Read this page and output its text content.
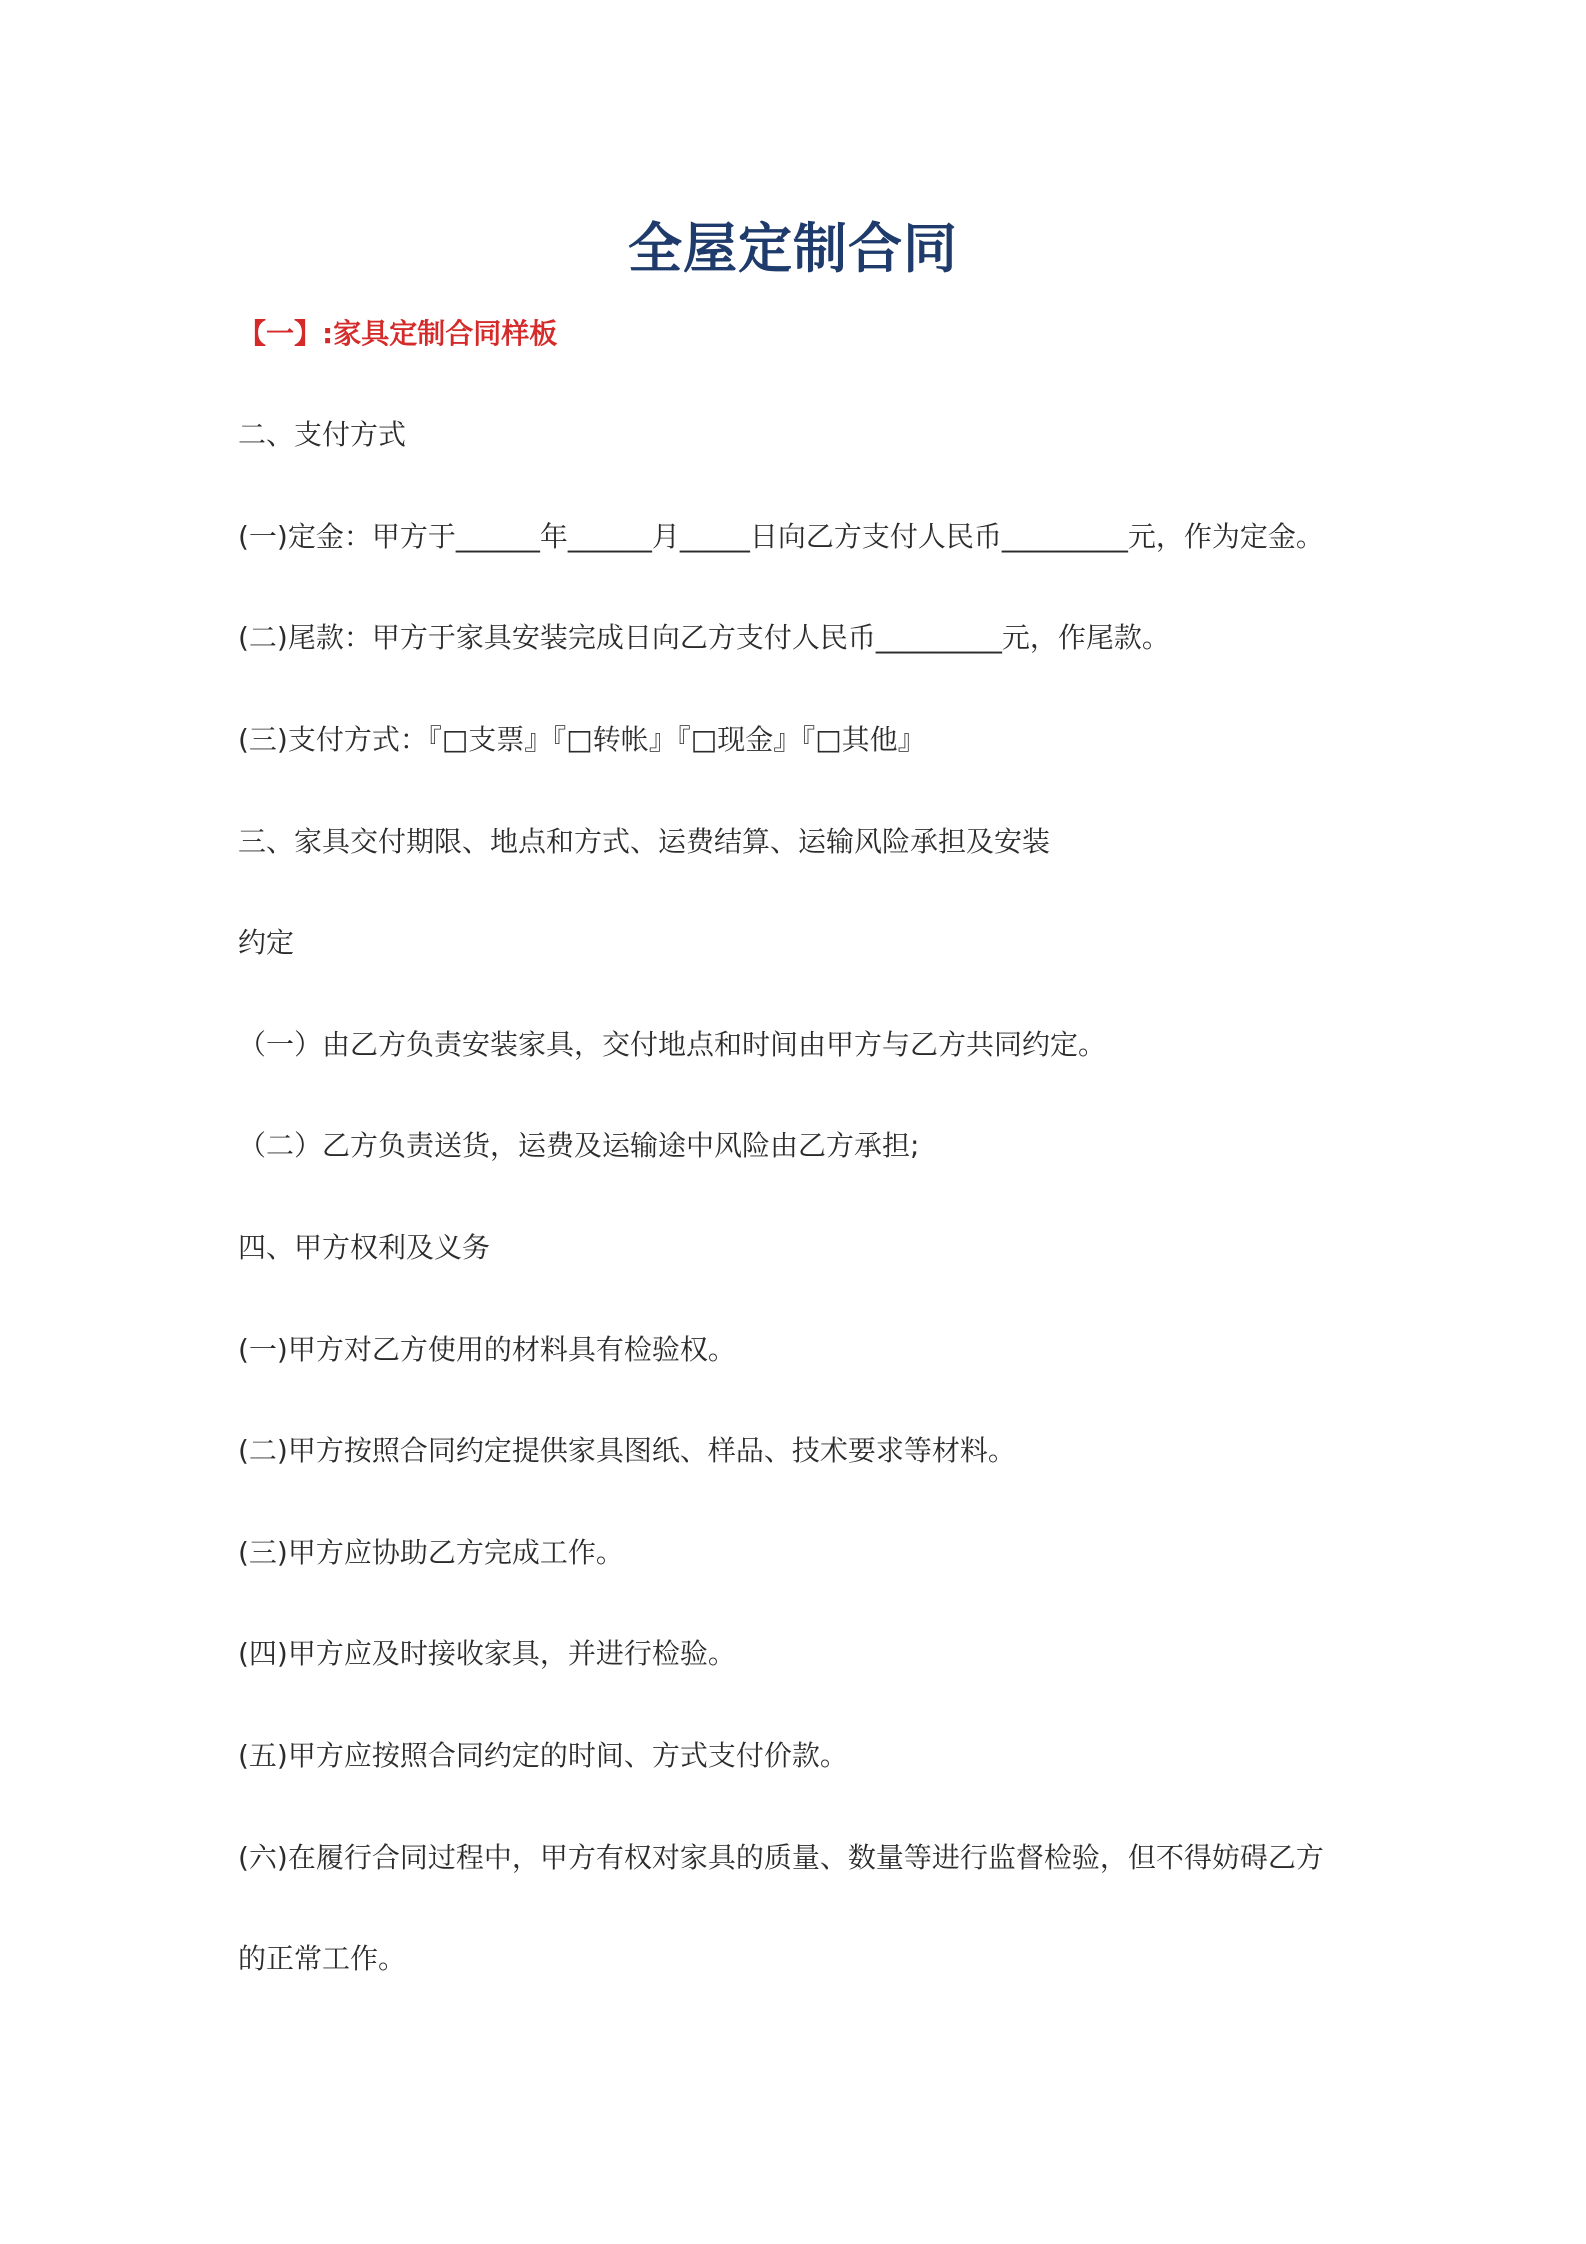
全屋定制合同
【一】:家具定制合同样板
二、支付方式
(一)定金：甲方于______年______月_____日向乙方支付人民币_________元，作为定金。
(二)尾款：甲方于家具安装完成日向乙方支付人民币_________元，作尾款。
(三)支付方式：『□支票』『□转帐』『□现金』『□其他』
三、家具交付期限、地点和方式、运费结算、运输风险承担及安装
约定
（一）由乙方负责安装家具，交付地点和时间由甲方与乙方共同约定。
（二）乙方负责送货，运费及运输途中风险由乙方承担;
四、甲方权利及义务
(一)甲方对乙方使用的材料具有检验权。
(二)甲方按照合同约定提供家具图纸、样品、技术要求等材料。
(三)甲方应协助乙方完成工作。
(四)甲方应及时接收家具，并进行检验。
(五)甲方应按照合同约定的时间、方式支付价款。
(六)在履行合同过程中，甲方有权对家具的质量、数量等进行监督检验，但不得妨碍乙方
的正常工作。
